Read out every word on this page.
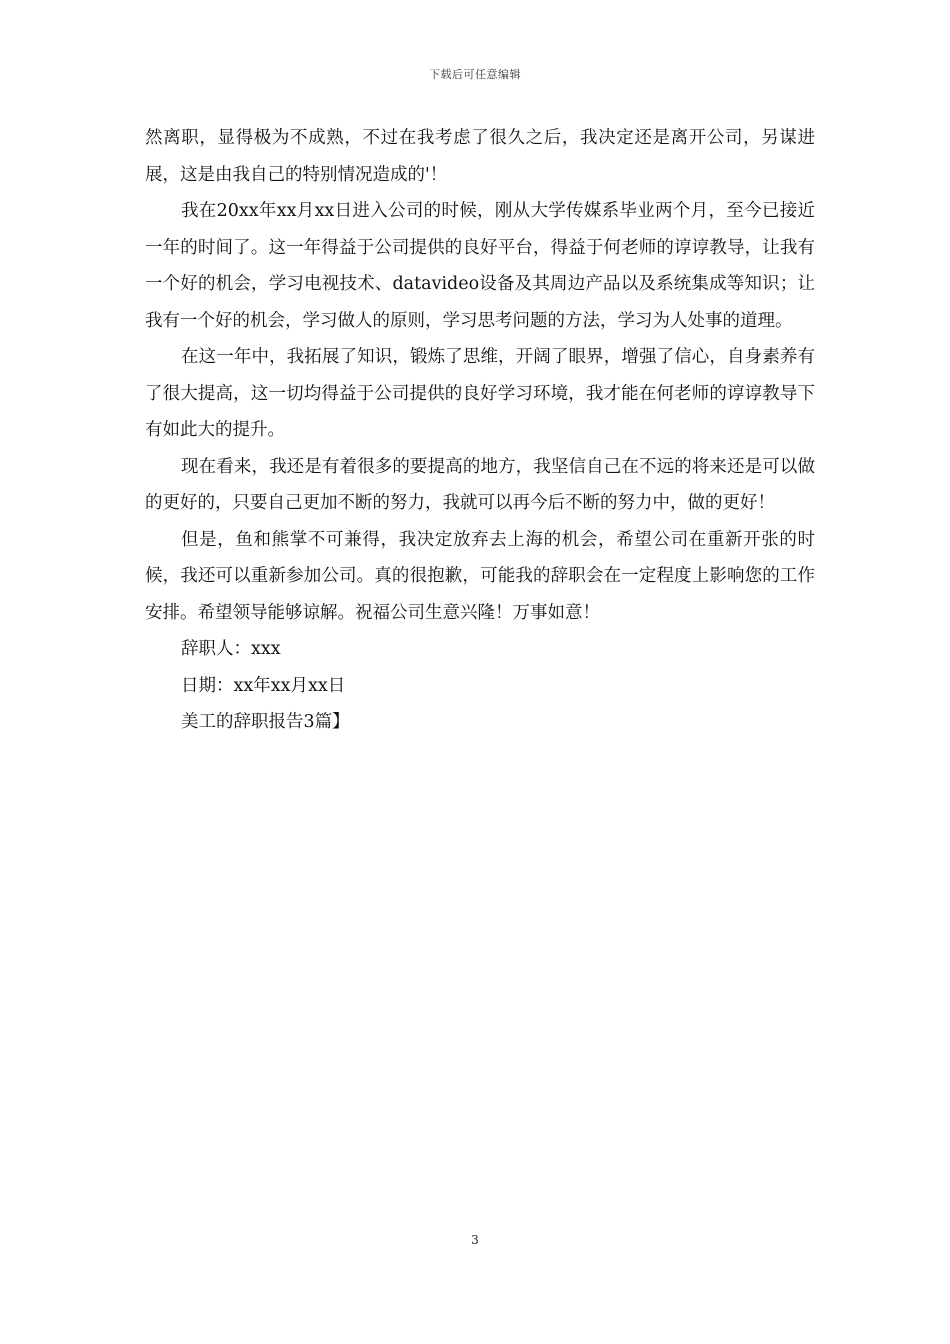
下载后可任意编辑

然离职，显得极为不成熟，不过在我考虑了很久之后，我决定还是离开公司，另谋进展，这是由我自己的特别情况造成的'！

我在20xx年xx月xx日进入公司的时候，刚从大学传媒系毕业两个月，至今已接近一年的时间了。这一年得益于公司提供的良好平台，得益于何老师的谆谆教导，让我有一个好的机会，学习电视技术、datavideo设备及其周边产品以及系统集成等知识；让我有一个好的机会，学习做人的原则，学习思考问题的方法，学习为人处事的道理。

在这一年中，我拓展了知识，锻炼了思维，开阔了眼界，增强了信心，自身素养有了很大提高，这一切均得益于公司提供的良好学习环境，我才能在何老师的谆谆教导下有如此大的提升。

现在看来，我还是有着很多的要提高的地方，我坚信自己在不远的将来还是可以做的更好的，只要自己更加不断的努力，我就可以再今后不断的努力中，做的更好！

但是，鱼和熊掌不可兼得，我决定放弃去上海的机会，希望公司在重新开张的时候，我还可以重新参加公司。真的很抱歉，可能我的辞职会在一定程度上影响您的工作安排。希望领导能够谅解。祝福公司生意兴隆！万事如意！

辞职人：xxx

日期：xx年xx月xx日

美工的辞职报告3篇】

3
